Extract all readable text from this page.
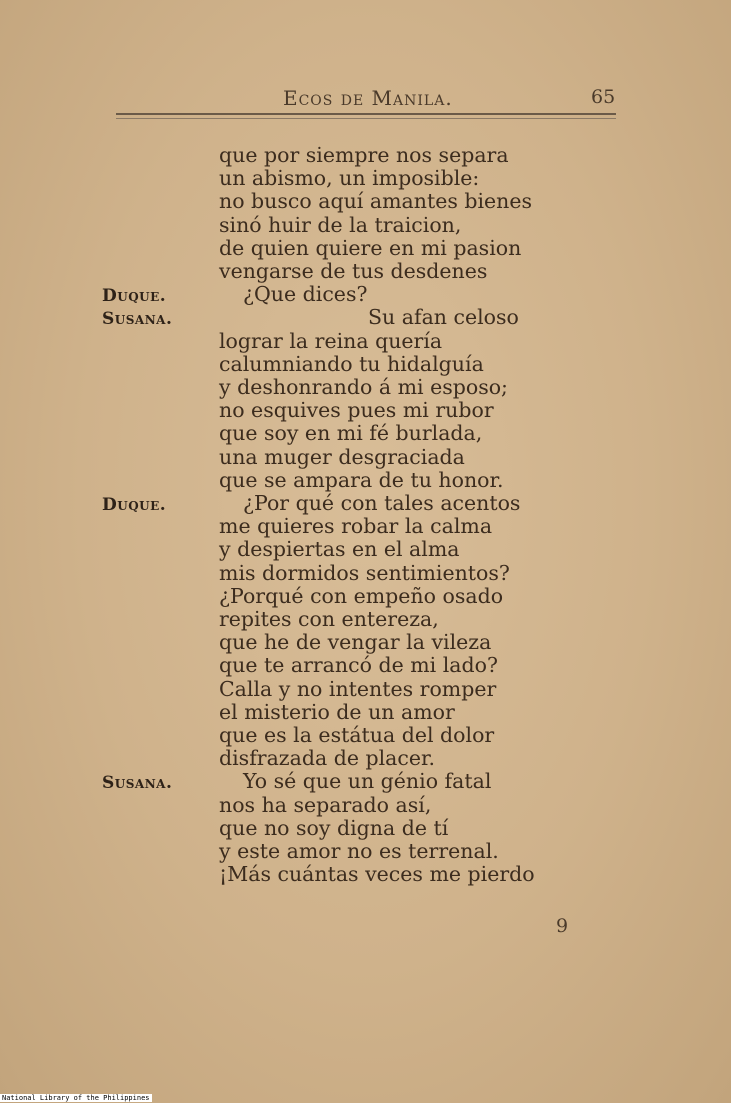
Ecos de Manila.	65
que por siempre nos separa
un abismo, un imposible:
no busco aquí amantes bienes
sinó huir de la traicion,
de quien quiere en mi pasion
vengarse de tus desdenes
Duque.	¿Que dices?
Susana.	Su afan celoso
lograr la reina quería
calumniando tu hidalguía
y deshonrando á mi esposo;
no esquives pues mi rubor
que soy en mi fé burlada,
una muger desgraciada
que se ampara de tu honor.
Duque.	¿Por qué con tales acentos
me quieres robar la calma
y despiertas en el alma
mis dormidos sentimientos?
¿Porqué con empeño osado
repites con entereza,
que he de vengar la vileza
que te arrancó de mi lado?
Calla y no intentes romper
el misterio de un amor
que es la estátua del dolor
disfrazada de placer.
Susana.	Yo sé que un génio fatal
nos ha separado así,
que no soy digna de tí
y este amor no es terrenal.
¡Más cuántas veces me pierdo
9
National Library of the Philippines
